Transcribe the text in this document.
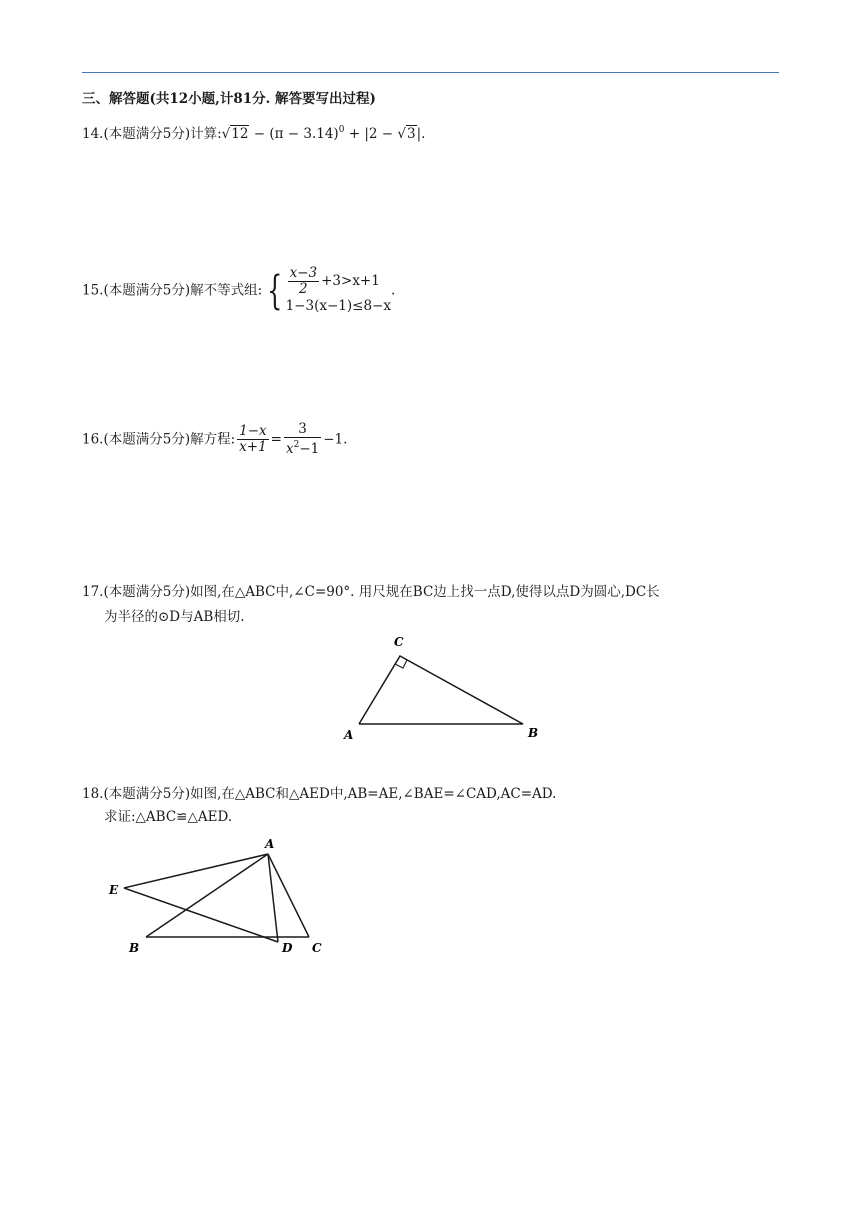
三、解答题(共12小题,计81分. 解答要写出过程)
14.(本题满分5分)计算:√12 − $(\pi - 3.14)^0 + |2 - √3|$.
15.(本题满分5分)解不等式组: { $\frac{x-3}{2} +3>x+1$
1−3(x−1)≤8−x
.
16.(本题满分5分)解方程: $\frac{1-x}{x+1} = \frac{3}{x^2-1} -1$.
17.(本题满分5分)如图,在△ABC中,∠C=90°. 用尺规在BC边上找一点D,使得以点D为圆心,DC长
为半径的⊙D与AB相切.
C
A	B
18.(本题满分5分)如图,在△ABC和△AED中,AB=AE,∠BAE=∠CAD,AC=AD.
求证:△ABC≌△AED.
A
E
B	D C
